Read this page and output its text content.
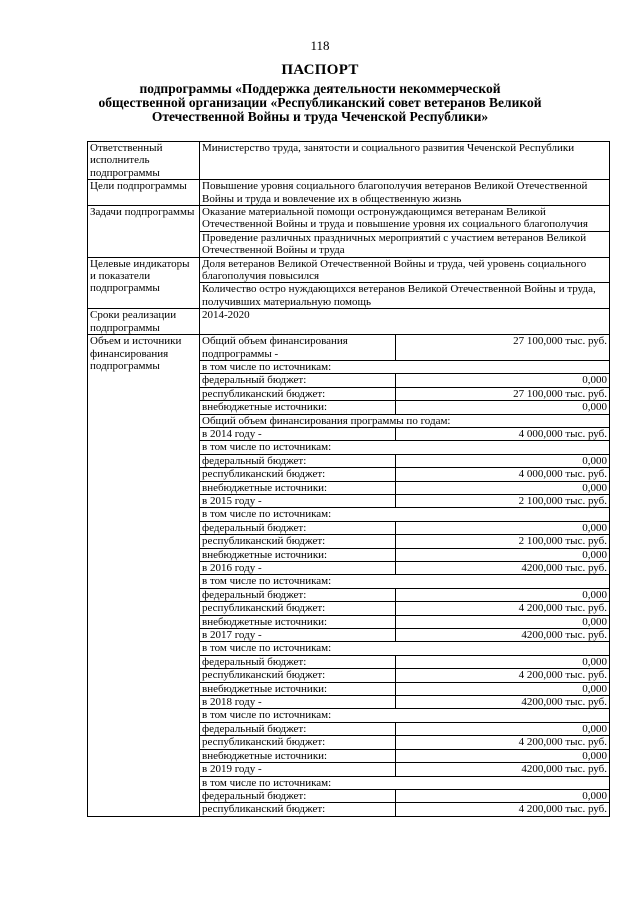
118
ПАСПОРТ
подпрограммы «Поддержка деятельности некоммерческой
общественной организации «Республиканский совет ветеранов Великой
Отечественной Войны и труда Чеченской Республики»
Ответственный исполнитель подпрограммы	Министерство труда, занятости и социального развития Чеченской Республики	
Цели подпрограммы	Повышение уровня социального благополучия ветеранов Великой Отечественной Войны и труда и вовлечение их в общественную жизнь	
Задачи подпрограммы	Оказание материальной помощи остронуждающимся ветеранам Великой Отечественной Войны и труда и повышение уровня их социального благополучия	
	Проведение различных праздничных мероприятий с участием ветеранов Великой Отечественной Войны и труда	
Целевые индикаторы и показатели подпрограммы	Доля ветеранов Великой Отечественной Войны и труда, чей уровень социального благополучия повысился	
	Количество остро нуждающихся ветеранов Великой Отечественной Войны и труда, получивших материальную помощь	
Сроки реализации подпрограммы	2014-2020	
Объем и источники финансирования подпрограммы	Общий объем финансирования подпрограммы -	27 100,000 тыс. руб.
	в том числе по источникам:	
	федеральный бюджет:	0,000
	республиканский бюджет:	27 100,000 тыс. руб.
	внебюджетные источники:	0,000
	Общий объем финансирования программы по годам:	
	в 2014 году -	4 000,000 тыс. руб.
	в том числе по источникам:	
	федеральный бюджет:	0,000
	республиканский бюджет:	4 000,000 тыс. руб.
	внебюджетные источники:	0,000
	в 2015 году -	2 100,000 тыс. руб.
	в том числе по источникам:	
	федеральный бюджет:	0,000
	республиканский бюджет:	2 100,000 тыс. руб.
	внебюджетные источники:	0,000
	в 2016 году -	4200,000 тыс. руб.
	в том числе по источникам:	
	федеральный бюджет:	0,000
	республиканский бюджет:	4 200,000 тыс. руб.
	внебюджетные источники:	0,000
	в 2017 году -	4200,000 тыс. руб.
	в том числе по источникам:	
	федеральный бюджет:	0,000
	республиканский бюджет:	4 200,000 тыс. руб.
	внебюджетные источники:	0,000
	в 2018 году -	4200,000 тыс. руб.
	в том числе по источникам:	
	федеральный бюджет:	0,000
	республиканский бюджет:	4 200,000 тыс. руб.
	внебюджетные источники:	0,000
	в 2019 году -	4200,000 тыс. руб.
	в том числе по источникам:	
	федеральный бюджет:	0,000
	республиканский бюджет:	4 200,000 тыс. руб.
